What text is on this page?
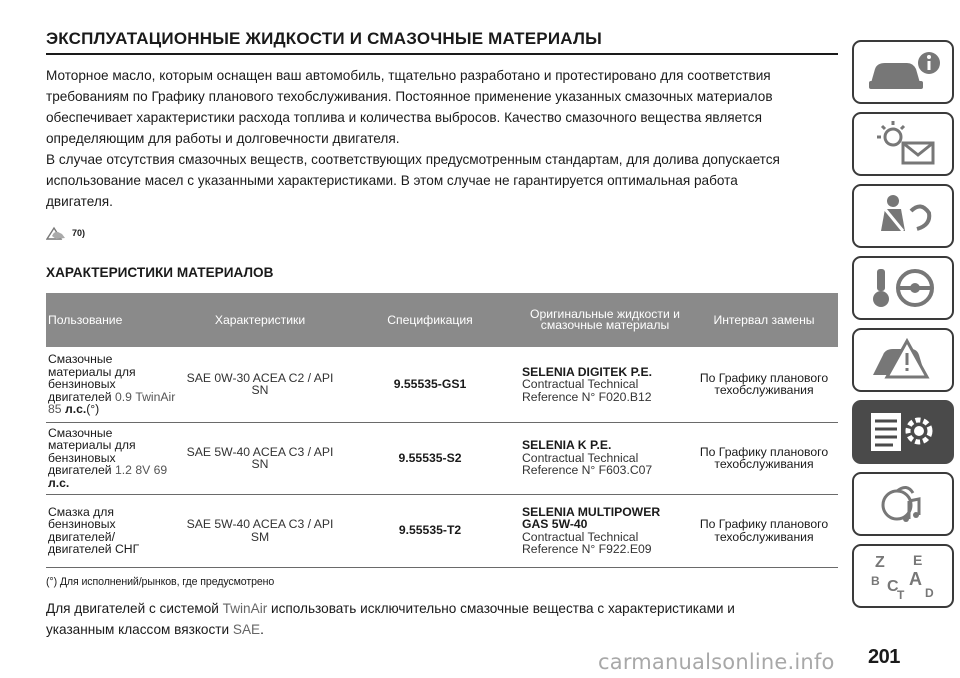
ЭКСПЛУАТАЦИОННЫЕ ЖИДКОСТИ И СМАЗОЧНЫЕ МАТЕРИАЛЫ
Моторное масло, которым оснащен ваш автомобиль, тщательно разработано и протестировано для соответствия
требованиям по Графику планового техобслуживания. Постоянное применение указанных смазочных материалов
обеспечивает характеристики расхода топлива и количества выбросов. Качество смазочного вещества является
определяющим для работы и долговечности двигателя.
В случае отсутствия смазочных веществ, соответствующих предусмотренным стандартам, для долива допускается
использование масел с указанными характеристиками. В этом случае не гарантируется оптимальная работа
двигателя.
70)
ХАРАКТЕРИСТИКИ МАТЕРИАЛОВ
Пользование	Характеристики	Спецификация	Оригинальные жидкости и смазочные материалы	Интервал замены
Смазочные материалы для бензиновых двигателей 0.9 TwinAir 85 л.с.(°)	SAE 0W-30 ACEA C2 / API SN	9.55535-GS1	SELENIA DIGITEK P.E.
Contractual Technical Reference N° F020.B12	По Графику планового техобслуживания
Смазочные материалы для бензиновых двигателей 1.2 8V 69 л.с.	SAE 5W-40 ACEA C3 / API SN	9.55535-S2	SELENIA K P.E.
Contractual Technical Reference N° F603.C07	По Графику планового техобслуживания
Смазка для бензиновых двигателей/ двигателей СНГ	SAE 5W-40 ACEA C3 / API SM	9.55535-T2	SELENIA MULTIPOWER GAS 5W-40
Contractual Technical Reference N° F922.E09	По Графику планового техобслуживания
(°) Для исполнений/рынков, где предусмотрено
Для двигателей с системой TwinAir использовать исключительно смазочные вещества с характеристиками и
указанным классом вязкости SAE.
Z E
B A
C
T D
carmanualsonline.info 201
